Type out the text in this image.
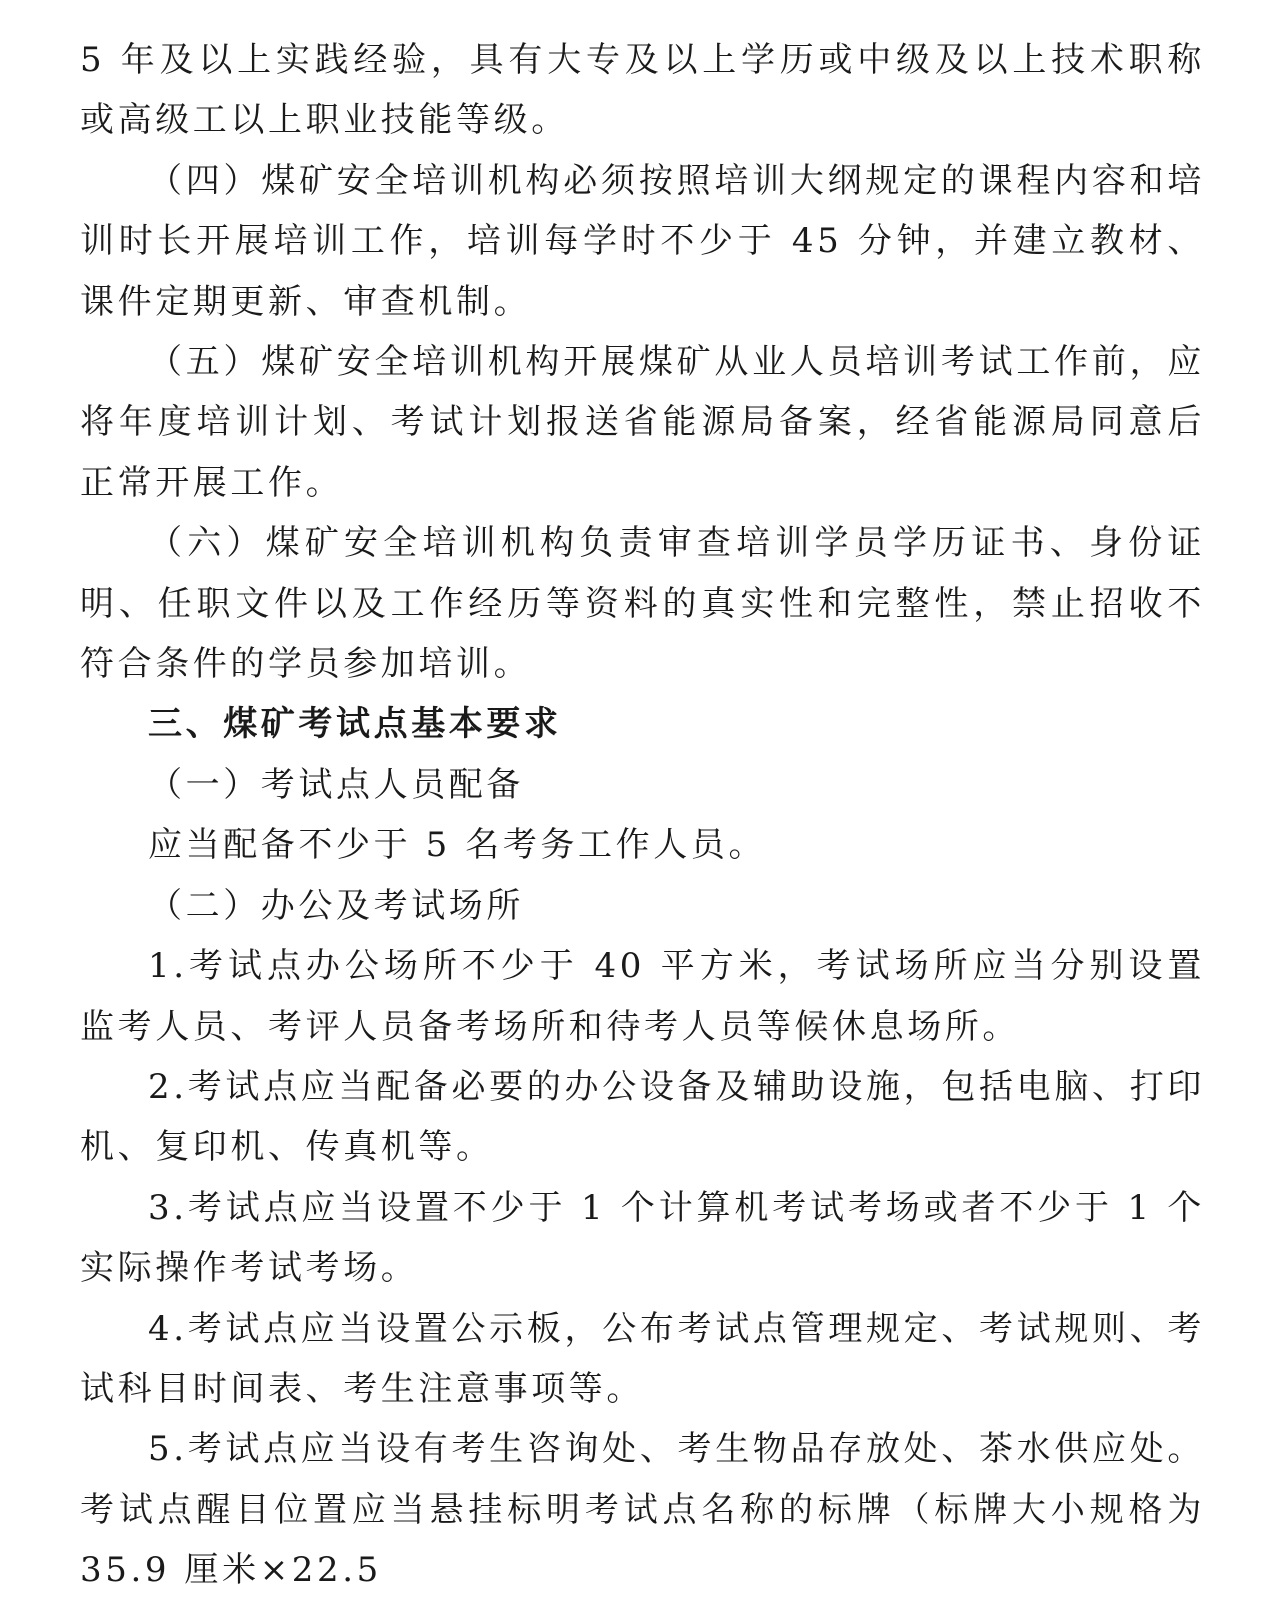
5 年及以上实践经验，具有大专及以上学历或中级及以上技术职称或高级工以上职业技能等级。

（四）煤矿安全培训机构必须按照培训大纲规定的课程内容和培训时长开展培训工作，培训每学时不少于 45 分钟，并建立教材、课件定期更新、审查机制。

（五）煤矿安全培训机构开展煤矿从业人员培训考试工作前，应将年度培训计划、考试计划报送省能源局备案，经省能源局同意后正常开展工作。

（六）煤矿安全培训机构负责审查培训学员学历证书、身份证明、任职文件以及工作经历等资料的真实性和完整性，禁止招收不符合条件的学员参加培训。

三、煤矿考试点基本要求

（一）考试点人员配备

应当配备不少于 5 名考务工作人员。

（二）办公及考试场所

1.考试点办公场所不少于 40 平方米，考试场所应当分别设置监考人员、考评人员备考场所和待考人员等候休息场所。

2.考试点应当配备必要的办公设备及辅助设施，包括电脑、打印机、复印机、传真机等。

3.考试点应当设置不少于 1 个计算机考试考场或者不少于 1 个实际操作考试考场。

4.考试点应当设置公示板，公布考试点管理规定、考试规则、考试科目时间表、考生注意事项等。

5.考试点应当设有考生咨询处、考生物品存放处、茶水供应处。考试点醒目位置应当悬挂标明考试点名称的标牌（标牌大小规格为 35.9 厘米×22.5
